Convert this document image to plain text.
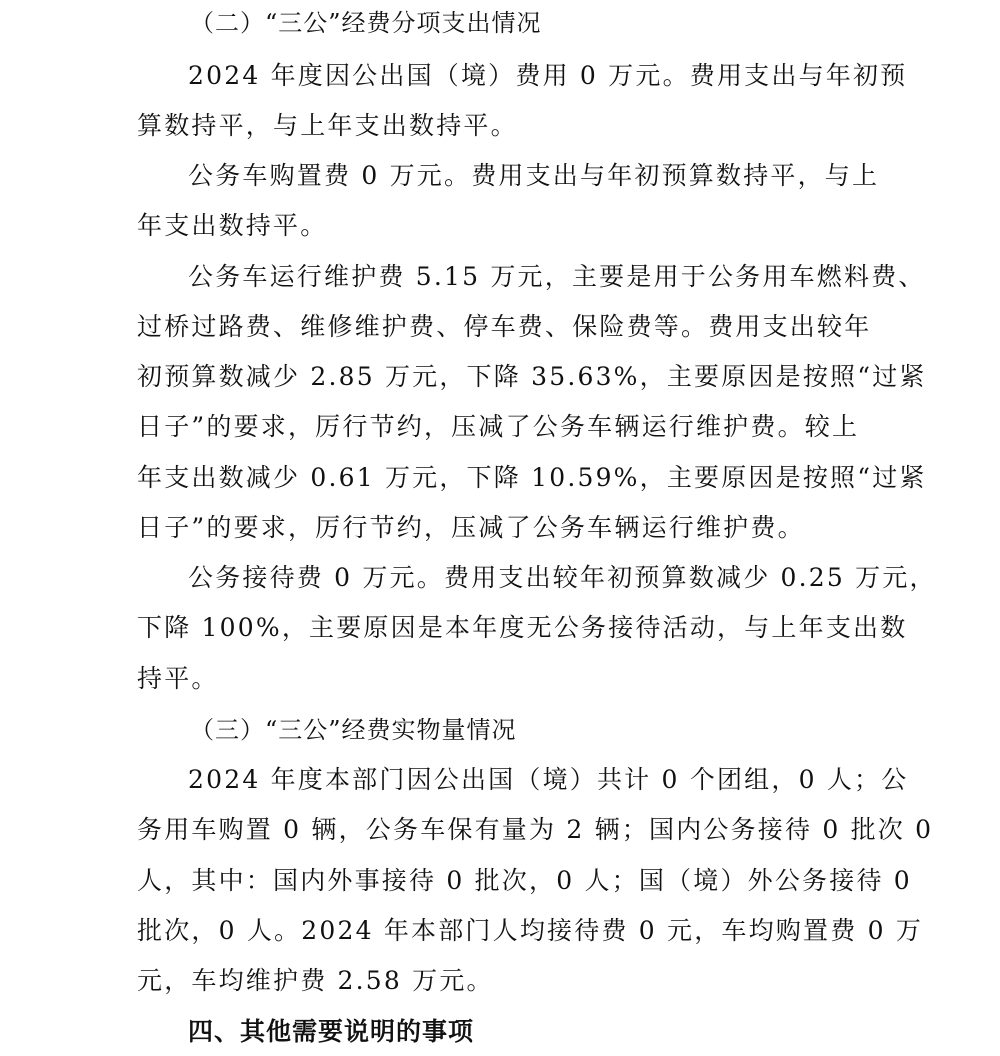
（二）“三公”经费分项支出情况
2024 年度因公出国（境）费用 0 万元。费用支出与年初预
算数持平，与上年支出数持平。
公务车购置费 0 万元。费用支出与年初预算数持平，与上
年支出数持平。
公务车运行维护费 5.15 万元，主要是用于公务用车燃料费、
过桥过路费、维修维护费、停车费、保险费等。费用支出较年
初预算数减少 2.85 万元，下降 35.63%，主要原因是按照“过紧
日子”的要求，厉行节约，压减了公务车辆运行维护费。较上
年支出数减少 0.61 万元，下降 10.59%，主要原因是按照“过紧
日子”的要求，厉行节约，压减了公务车辆运行维护费。
公务接待费 0 万元。费用支出较年初预算数减少 0.25 万元，
下降 100%，主要原因是本年度无公务接待活动，与上年支出数
持平。
（三）“三公”经费实物量情况
2024 年度本部门因公出国（境）共计 0 个团组，0 人；公
务用车购置 0 辆，公务车保有量为 2 辆；国内公务接待 0 批次 0
人，其中：国内外事接待 0 批次，0 人；国（境）外公务接待 0
批次，0 人。2024 年本部门人均接待费 0 元，车均购置费 0 万
元，车均维护费 2.58 万元。
四、其他需要说明的事项
